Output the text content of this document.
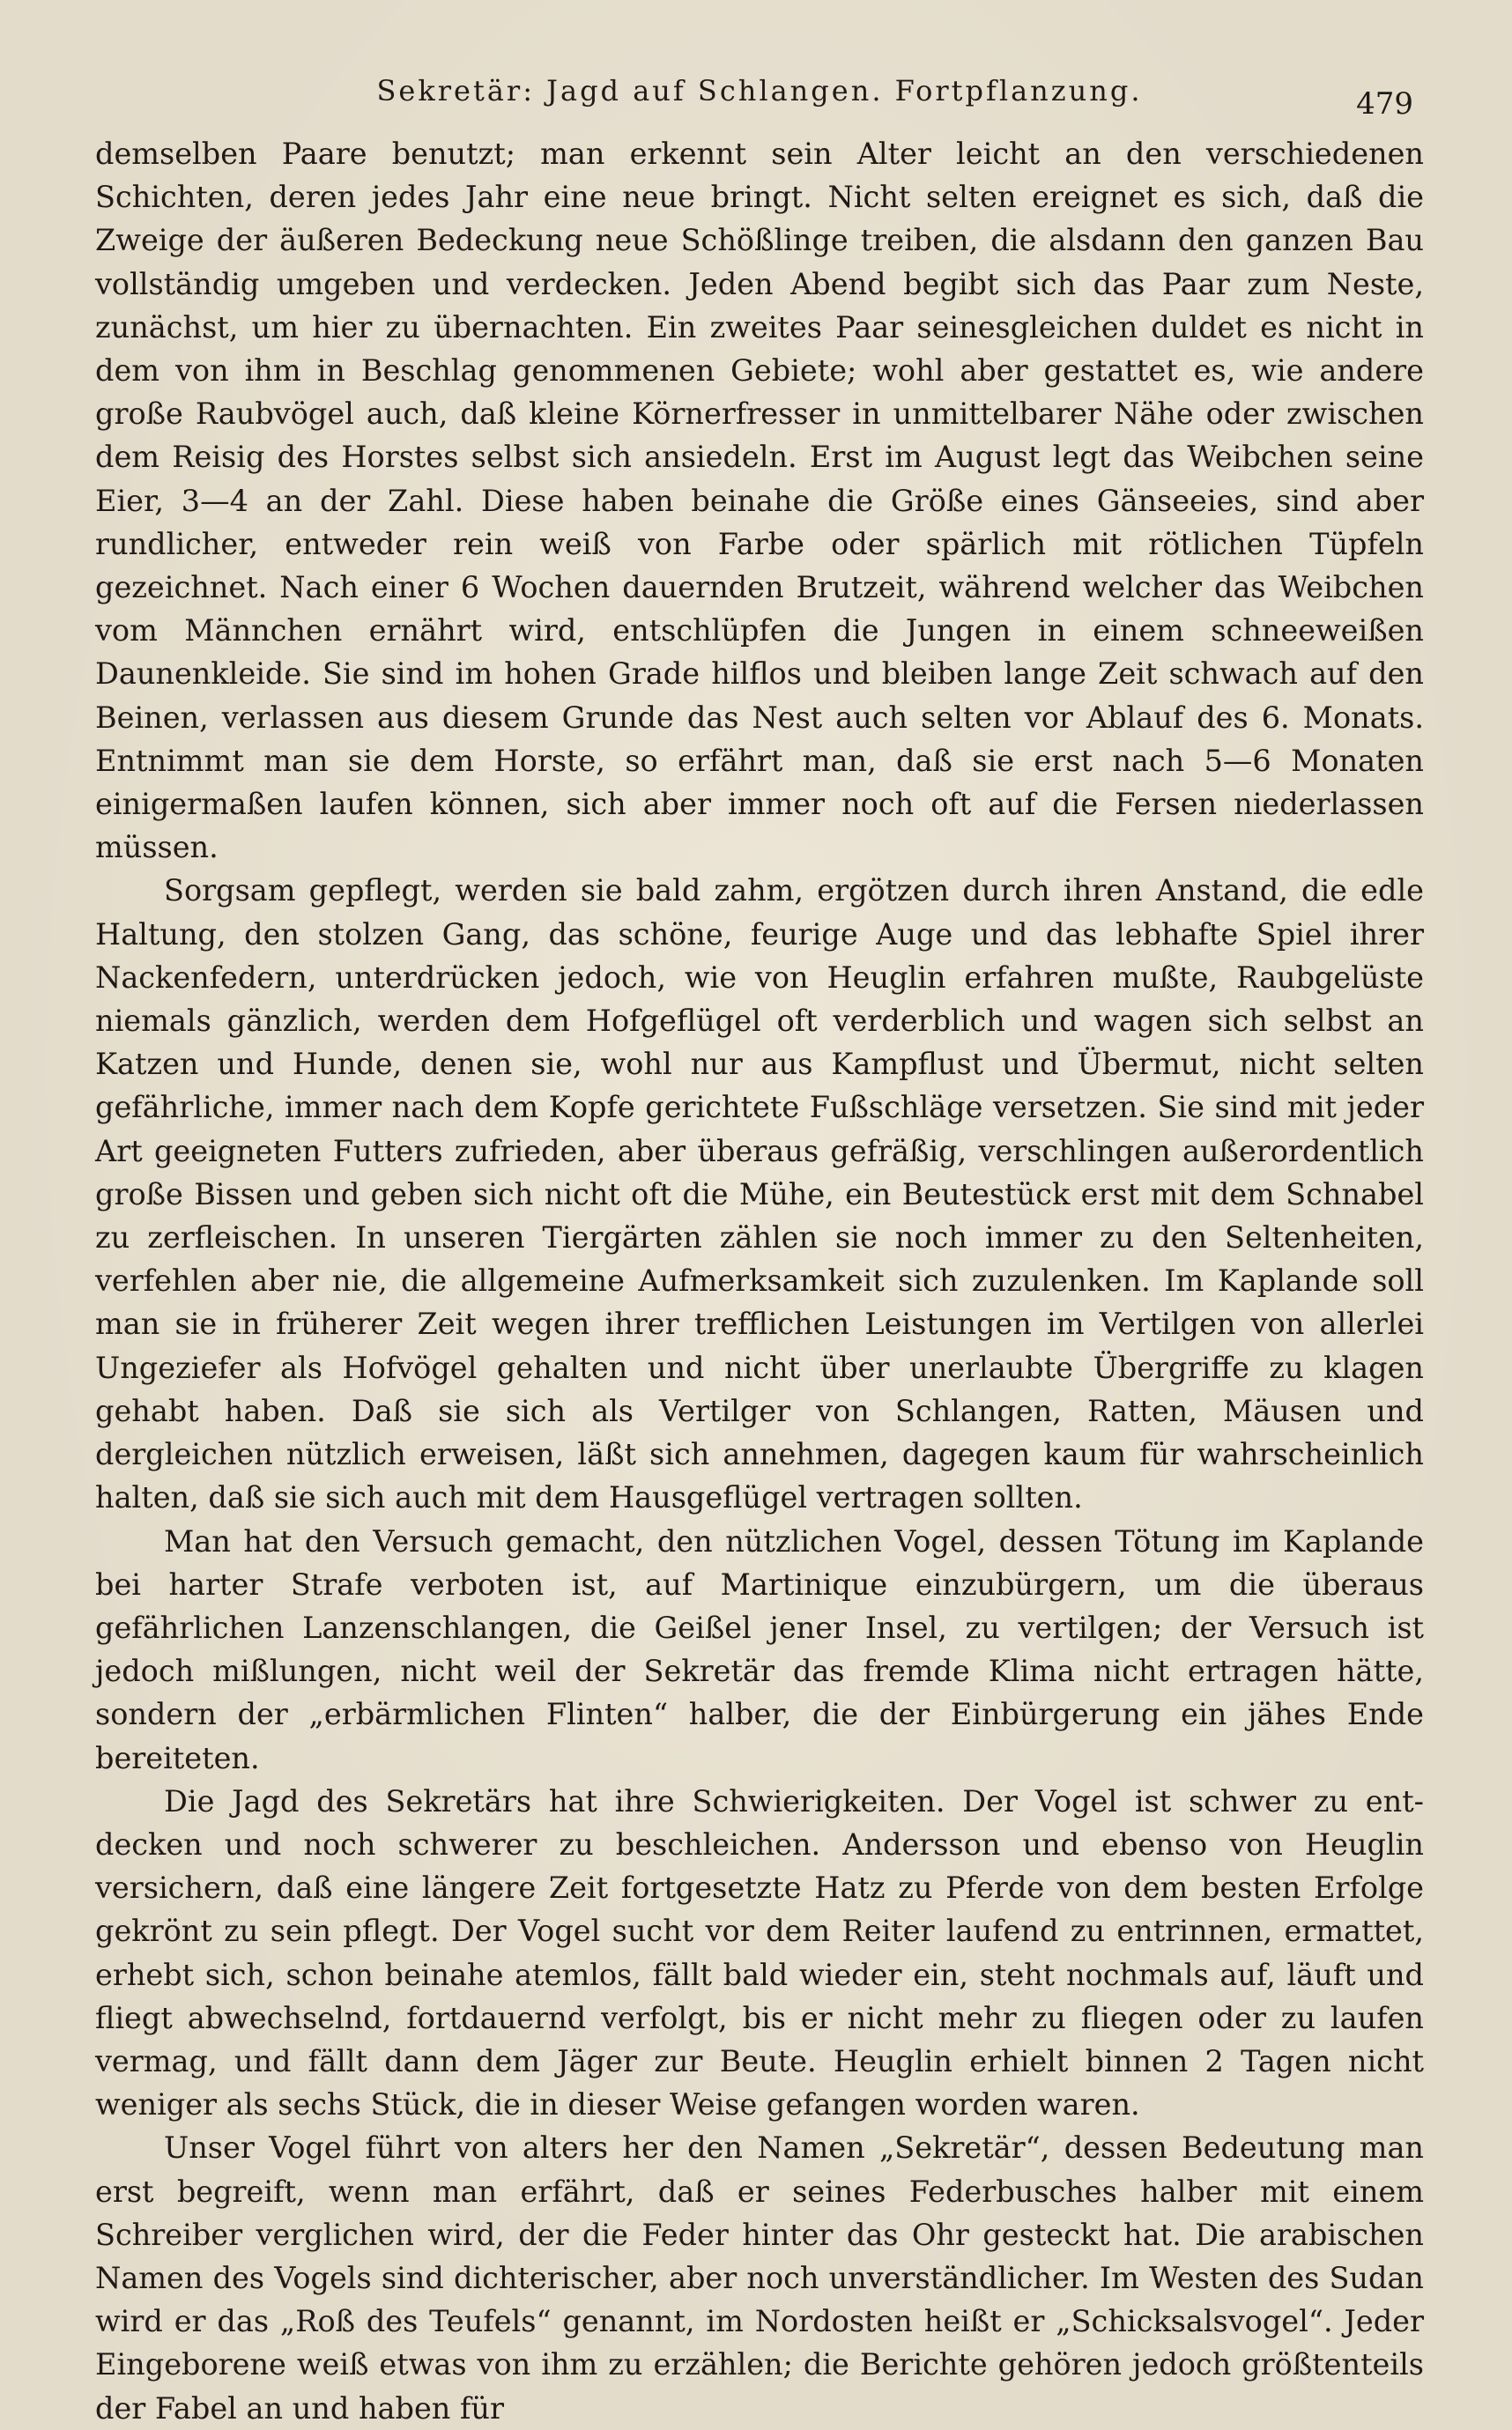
Sekretär: Jagd auf Schlangen. Fortpflanzung.	479

demselben Paare benutzt; man erkennt sein Alter leicht an den verschiedenen Schichten, deren jedes Jahr eine neue bringt. Nicht selten ereignet es sich, daß die Zweige der äußeren Bedeckung neue Schößlinge treiben, die alsdann den ganzen Bau vollständig umgeben und verdecken. Jeden Abend begibt sich das Paar zum Neste, zunächst, um hier zu übernachten. Ein zweites Paar seinesgleichen duldet es nicht in dem von ihm in Beschlag genommenen Gebiete; wohl aber gestattet es, wie andere große Raubvögel auch, daß kleine Körnerfresser in unmittelbarer Nähe oder zwischen dem Reisig des Horstes selbst sich ansiedeln. Erst im August legt das Weibchen seine Eier, 3—4 an der Zahl. Diese haben beinahe die Größe eines Gänseeies, sind aber rundlicher, entweder rein weiß von Farbe oder spärlich mit rötlichen Tüpfeln gezeichnet. Nach einer 6 Wochen dauernden Brutzeit, während welcher das Weibchen vom Männchen ernährt wird, entschlüpfen die Jungen in einem schneeweißen Daunenkleide. Sie sind im hohen Grade hilflos und bleiben lange Zeit schwach auf den Beinen, verlassen aus diesem Grunde das Nest auch selten vor Ablauf des 6. Monats. Entnimmt man sie dem Horste, so erfährt man, daß sie erst nach 5—6 Monaten einigermaßen laufen können, sich aber immer noch oft auf die Fersen niederlassen müssen.

Sorgsam gepflegt, werden sie bald zahm, ergötzen durch ihren Anstand, die edle Haltung, den stolzen Gang, das schöne, feurige Auge und das lebhafte Spiel ihrer Nackenfedern, unterdrücken jedoch, wie von Heuglin erfahren mußte, Raubgelüste niemals gänzlich, werden dem Hofgeflügel oft verderblich und wagen sich selbst an Katzen und Hunde, denen sie, wohl nur aus Kampflust und Übermut, nicht selten gefährliche, immer nach dem Kopfe gerichtete Fußschläge versetzen. Sie sind mit jeder Art geeigneten Futters zufrieden, aber überaus gefräßig, verschlingen außerordentlich große Bissen und geben sich nicht oft die Mühe, ein Beutestück erst mit dem Schnabel zu zerfleischen. In unseren Tiergärten zählen sie noch immer zu den Seltenheiten, verfehlen aber nie, die allgemeine Aufmerksamkeit sich zuzulenken. Im Kaplande soll man sie in früherer Zeit wegen ihrer trefflichen Leistungen im Vertilgen von allerlei Ungeziefer als Hofvögel gehalten und nicht über unerlaubte Übergriffe zu klagen gehabt haben. Daß sie sich als Vertilger von Schlangen, Ratten, Mäusen und dergleichen nützlich erweisen, läßt sich annehmen, dagegen kaum für wahrscheinlich halten, daß sie sich auch mit dem Hausgeflügel vertragen sollten.

Man hat den Versuch gemacht, den nützlichen Vogel, dessen Tötung im Kaplande bei harter Strafe verboten ist, auf Martinique einzubürgern, um die überaus gefährlichen Lanzenschlangen, die Geißel jener Insel, zu vertilgen; der Versuch ist jedoch mißlungen, nicht weil der Sekretär das fremde Klima nicht ertragen hätte, sondern der „erbärmlichen Flinten“ halber, die der Einbürgerung ein jähes Ende bereiteten.

Die Jagd des Sekretärs hat ihre Schwierigkeiten. Der Vogel ist schwer zu entdecken und noch schwerer zu beschleichen. Andersson und ebenso von Heuglin versichern, daß eine längere Zeit fortgesetzte Hatz zu Pferde von dem besten Erfolge gekrönt zu sein pflegt. Der Vogel sucht vor dem Reiter laufend zu entrinnen, ermattet, erhebt sich, schon beinahe atemlos, fällt bald wieder ein, steht nochmals auf, läuft und fliegt abwechselnd, fortdauernd verfolgt, bis er nicht mehr zu fliegen oder zu laufen vermag, und fällt dann dem Jäger zur Beute. Heuglin erhielt binnen 2 Tagen nicht weniger als sechs Stück, die in dieser Weise gefangen worden waren.

Unser Vogel führt von alters her den Namen „Sekretär“, dessen Bedeutung man erst begreift, wenn man erfährt, daß er seines Federbusches halber mit einem Schreiber verglichen wird, der die Feder hinter das Ohr gesteckt hat. Die arabischen Namen des Vogels sind dichterischer, aber noch unverständlicher. Im Westen des Sudan wird er das „Roß des Teufels“ genannt, im Nordosten heißt er „Schicksalsvogel“. Jeder Eingeborene weiß etwas von ihm zu erzählen; die Berichte gehören jedoch größtenteils der Fabel an und haben für
